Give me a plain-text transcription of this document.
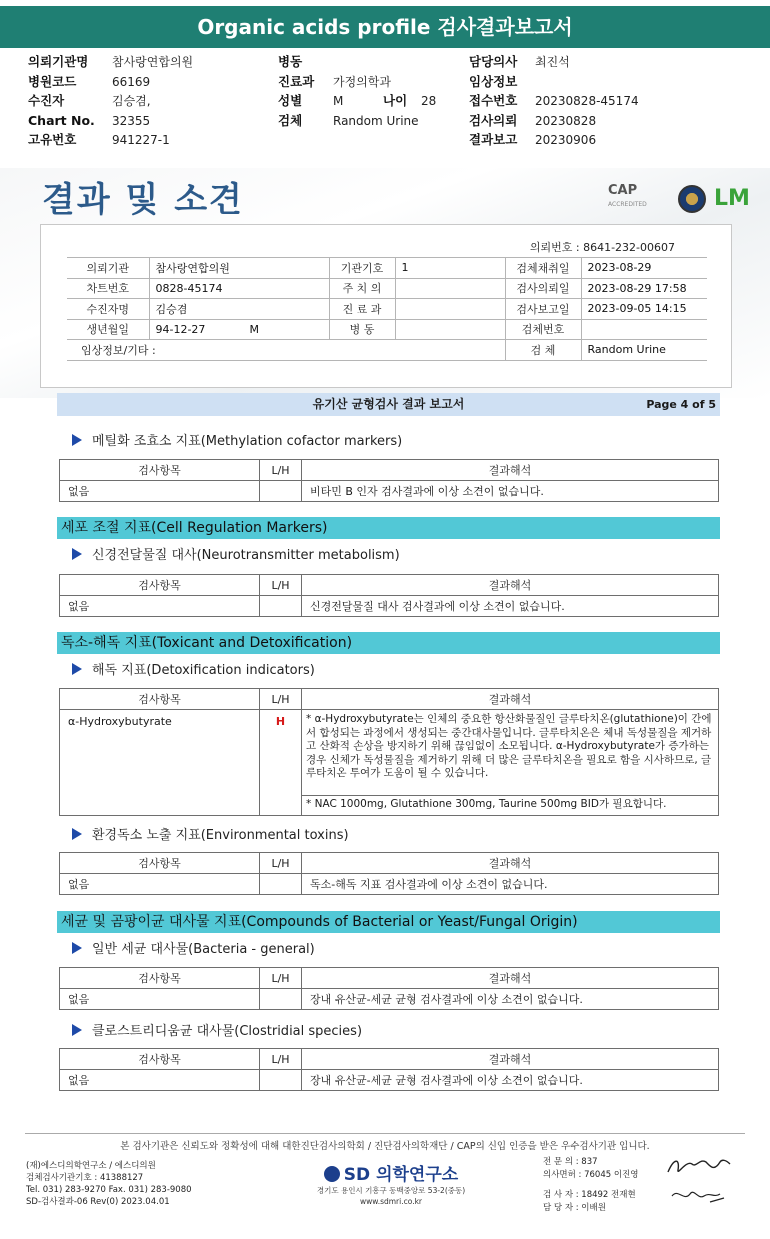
Organic acids profile 검사결과보고서
의뢰기관명 참사랑연합의원
병원코드	66169
수진자	김승겸,
Chart No. 32355
고유번호	941227-1
병동
진료과 가정의학과
성별	M	나이 28
검체	Random Urine
담당의사 최진석
임상정보
접수번호 20230828-45174
검사의뢰 20230828
결과보고 20230906
결과 및 소견	CAP
ACCREDITED	LM
의뢰번호 : 8641-232-00607
의뢰기관	참사랑연합의원	기관기호	1	검체채취일	2023-08-29
차트번호	0828-45174	주 치 의		검사의뢰일	2023-08-29 17:58
수진자명	김승겸	진 료 과		검사보고일	2023-09-05 14:15
생년월일	94-12-27 M	병 동		검체번호	
임상정보/기타 :				검 체	Random Urine
유기산 균형검사 결과 보고서	Page 4 of 5
메틸화 조효소 지표(Methylation cofactor markers)
검사항목	L/H	결과해석
없음		비타민 B 인자 검사결과에 이상 소견이 없습니다.
세포 조절 지표(Cell Regulation Markers)
신경전달물질 대사(Neurotransmitter metabolism)
검사항목	L/H	결과해석
없음		신경전달물질 대사 검사결과에 이상 소견이 없습니다.
독소-해독 지표(Toxicant and Detoxification)
해독 지표(Detoxification indicators)
검사항목	L/H	결과해석
α-Hydroxybutyrate	H	* α-Hydroxybutyrate는 인체의 중요한 항산화물질인 글루타치온(glutathione)이 간에서 합성되는 과정에서 생성되는 중간대사물입니다. 글루타치온은 체내 독성물질을 제거하고 산화적 손상을 방지하기 위해 끊임없이 소모됩니다. α-Hydroxybutyrate가 증가하는 경우 신체가 독성물질을 제거하기 위해 더 많은 글루타치온을 필요로 함을 시사하므로, 글루타치온 투여가 도움이 될 수 있습니다.
		* NAC 1000mg, Glutathione 300mg, Taurine 500mg BID가 필요합니다.
환경독소 노출 지표(Environmental toxins)
검사항목	L/H	결과해석
없음		독소-해독 지표 검사결과에 이상 소견이 없습니다.
세균 및 곰팡이균 대사물 지표(Compounds of Bacterial or Yeast/Fungal Origin)
일반 세균 대사물(Bacteria - general)
검사항목	L/H	결과해석
없음		장내 유산균-세균 균형 검사결과에 이상 소견이 없습니다.
클로스트리디움균 대사물(Clostridial species)
검사항목	L/H	결과해석
없음		장내 유산균-세균 균형 검사결과에 이상 소견이 없습니다.
본 검사기관은 신뢰도와 정확성에 대해 대한진단검사의학회 / 진단검사의학재단 / CAP의 신입 인증을 받은 우수검사기관 입니다.
(재)에스디의학연구소 / 에스디의원
검체검사기관기호 : 41388127
Tel. 031) 283-9270 Fax. 031) 283-9080
SD-검사결과-06 Rev(0) 2023.04.01
SD 의학연구소
경기도 용인시 기흥구 동백중앙로 53-2(중동)
www.sdmri.co.kr
전 문 의 : 837
의사면허 : 76045 이진영
검 사 자 : 18492 전재현
담 당 자 : 이배원
